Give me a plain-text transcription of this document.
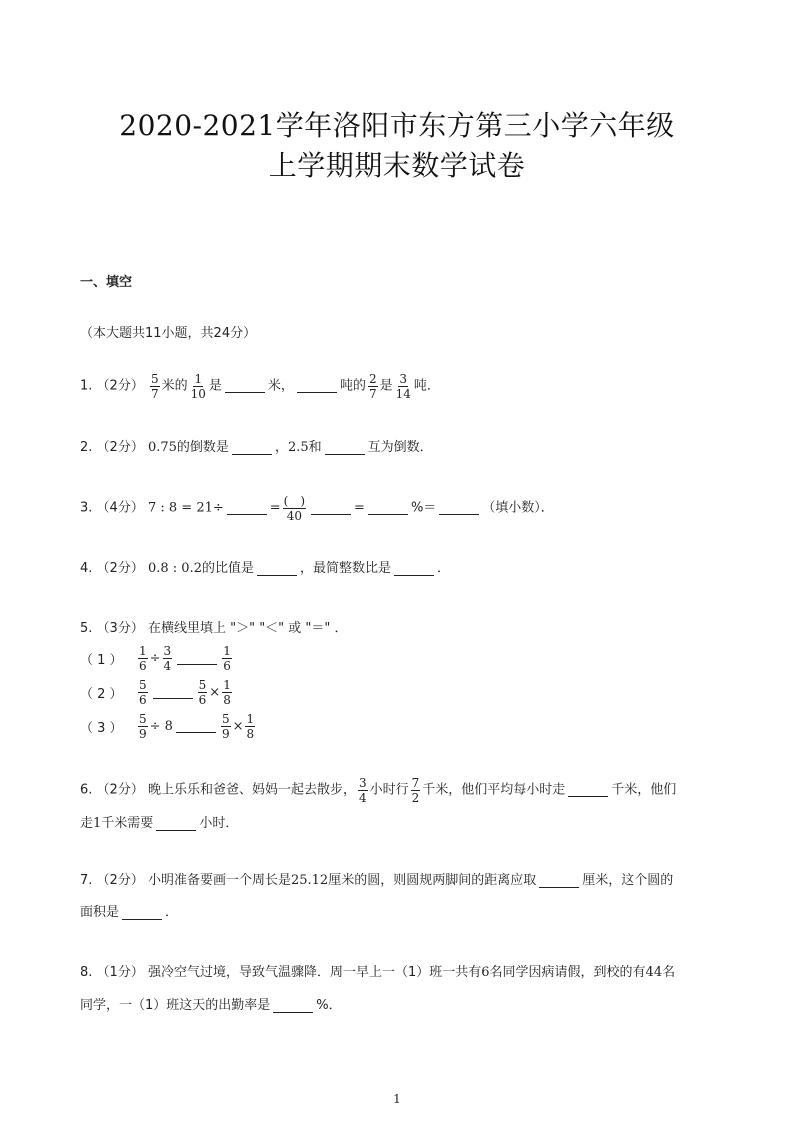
2020-2021学年洛阳市东方第三小学六年级
上学期期末数学试卷
一、填空
（本大题共11小题，共24分）
1. （2分） $\frac{5}{7}$ 米的 $\frac{1}{10}$ 是	米，	吨的 $\frac{2}{7}$ 是 $\frac{3}{14}$ 吨．
2. （2分） 0.75的倒数是	，2.5和	互为倒数．
3. （4分） 7 : 8 = 21÷	= $\frac{( )}{40}$	=	%＝	（填小数）．
4. （2分） 0.8 : 0.2的比值是	，最简整数比是	．
5. （3分） 在横线里填上 "＞" "＜" 或 "＝" ．
（ 1 ） $\frac{1}{6} \div \frac{3}{4}$	$\frac{1}{6}$
（ 2 ） $\frac{5}{6}$	$\frac{5}{6} \times \frac{1}{8}$
（ 3 ） $\frac{5}{9} \div 8$	$\frac{5}{9} \times \frac{1}{8}$
6. （2分） 晚上乐乐和爸爸、妈妈一起去散步， $\frac{3}{4}$ 小时行 $\frac{7}{2}$ 千米，他们平均每小时走	千米，他们
走1千米需要	小时．
7. （2分） 小明准备要画一个周长是25.12厘米的圆，则圆规两脚间的距离应取	厘米，这个圆的
面积是	．
8. （1分） 强冷空气过境，导致气温骤降．周一早上一（1）班一共有6名同学因病请假，到校的有44名
同学，一（1）班这天的出勤率是	%．
1
